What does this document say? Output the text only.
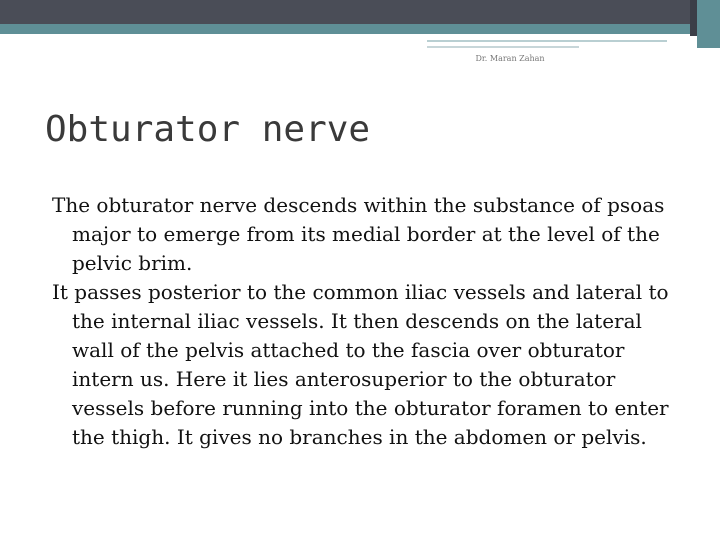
Dr. Maran Zahan
Obturator nerve

The obturator nerve descends within the substance of psoas major to emerge from its medial border at the level of the pelvic brim.

It passes posterior to the common iliac vessels and lateral to the internal iliac vessels. It then descends on the lateral wall of the pelvis attached to the fascia over obturator intern us. Here it lies anterosuperior to the obturator vessels before running into the obturator foramen to enter the thigh. It gives no branches in the abdomen or pelvis.
